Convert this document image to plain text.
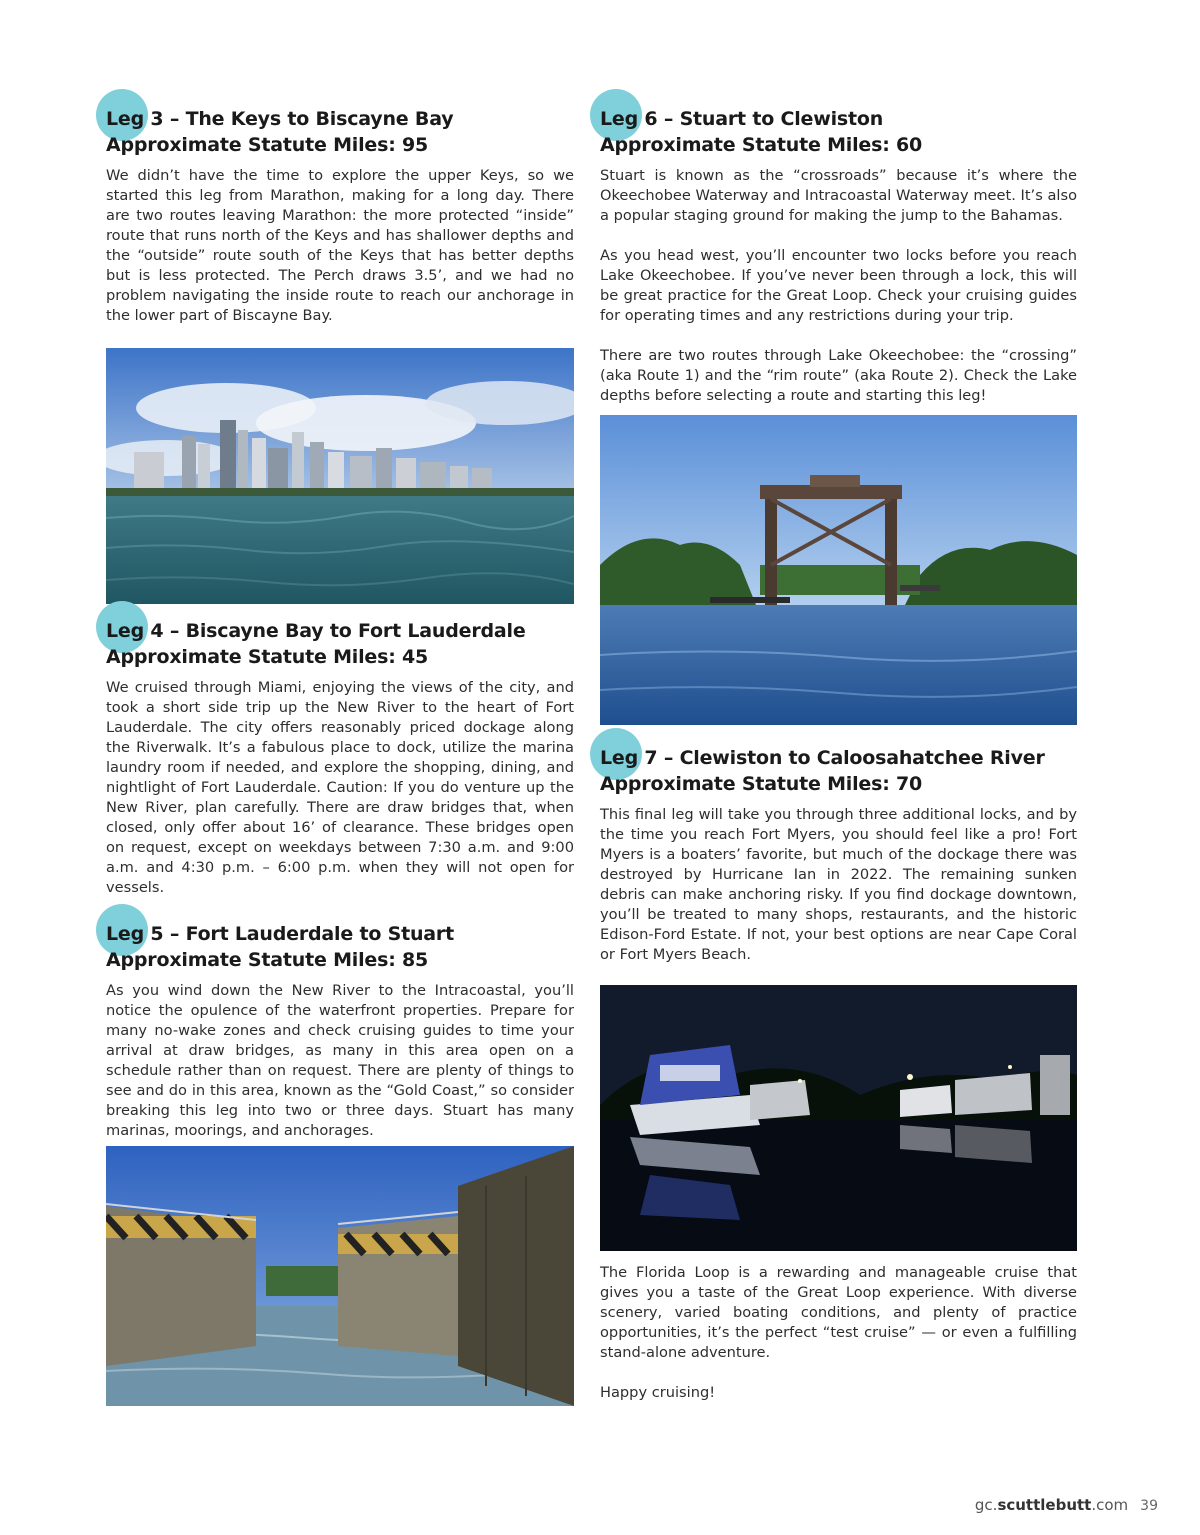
Leg 3 – The Keys to Biscayne Bay
Approximate Statute Miles: 95

We didn’t have the time to explore the upper Keys, so we started this leg from Marathon, making for a long day. There are two routes leaving Marathon: the more protected “inside” route that runs north of the Keys and has shallower depths and the “outside” route south of the Keys that has better depths but is less protected. The Perch draws 3.5’, and we had no problem navigating the inside route to reach our anchorage in the lower part of Biscayne Bay.

Leg 4 – Biscayne Bay to Fort Lauderdale
Approximate Statute Miles: 45

We cruised through Miami, enjoying the views of the city, and took a short side trip up the New River to the heart of Fort Lauderdale. The city offers reasonably priced dockage along the Riverwalk. It’s a fabulous place to dock, utilize the marina laundry room if needed, and explore the shopping, dining, and nightlight of Fort Lauderdale. Caution: If you do venture up the New River, plan carefully. There are draw bridges that, when closed, only offer about 16’ of clearance. These bridges open on request, except on weekdays between 7:30 a.m. and 9:00 a.m. and 4:30 p.m. – 6:00 p.m. when they will not open for vessels.

Leg 5 – Fort Lauderdale to Stuart
Approximate Statute Miles: 85

As you wind down the New River to the Intracoastal, you’ll notice the opulence of the waterfront properties. Prepare for many no-wake zones and check cruising guides to time your arrival at draw bridges, as many in this area open on a schedule rather than on request. There are plenty of things to see and do in this area, known as the “Gold Coast,” so consider breaking this leg into two or three days. Stuart has many marinas, moorings, and anchorages.

Leg 6 – Stuart to Clewiston
Approximate Statute Miles: 60

Stuart is known as the “crossroads” because it’s where the Okeechobee Waterway and Intracoastal Waterway meet. It’s also a popular staging ground for making the jump to the Bahamas.

As you head west, you’ll encounter two locks before you reach Lake Okeechobee. If you’ve never been through a lock, this will be great practice for the Great Loop. Check your cruising guides for operating times and any restrictions during your trip.

There are two routes through Lake Okeechobee: the “crossing” (aka Route 1) and the “rim route” (aka Route 2). Check the Lake depths before selecting a route and starting this leg!

Leg 7 – Clewiston to Caloosahatchee River
Approximate Statute Miles: 70

This final leg will take you through three additional locks, and by the time you reach Fort Myers, you should feel like a pro! Fort Myers is a boaters’ favorite, but much of the dockage there was destroyed by Hurricane Ian in 2022. The remaining sunken debris can make anchoring risky. If you find dockage downtown, you’ll be treated to many shops, restaurants, and the historic Edison-Ford Estate. If not, your best options are near Cape Coral or Fort Myers Beach.

The Florida Loop is a rewarding and manageable cruise that gives you a taste of the Great Loop experience. With diverse scenery, varied boating conditions, and plenty of practice opportunities, it’s the perfect “test cruise” — or even a fulfilling stand-alone adventure.

Happy cruising!

gc.scuttlebutt.com 39
